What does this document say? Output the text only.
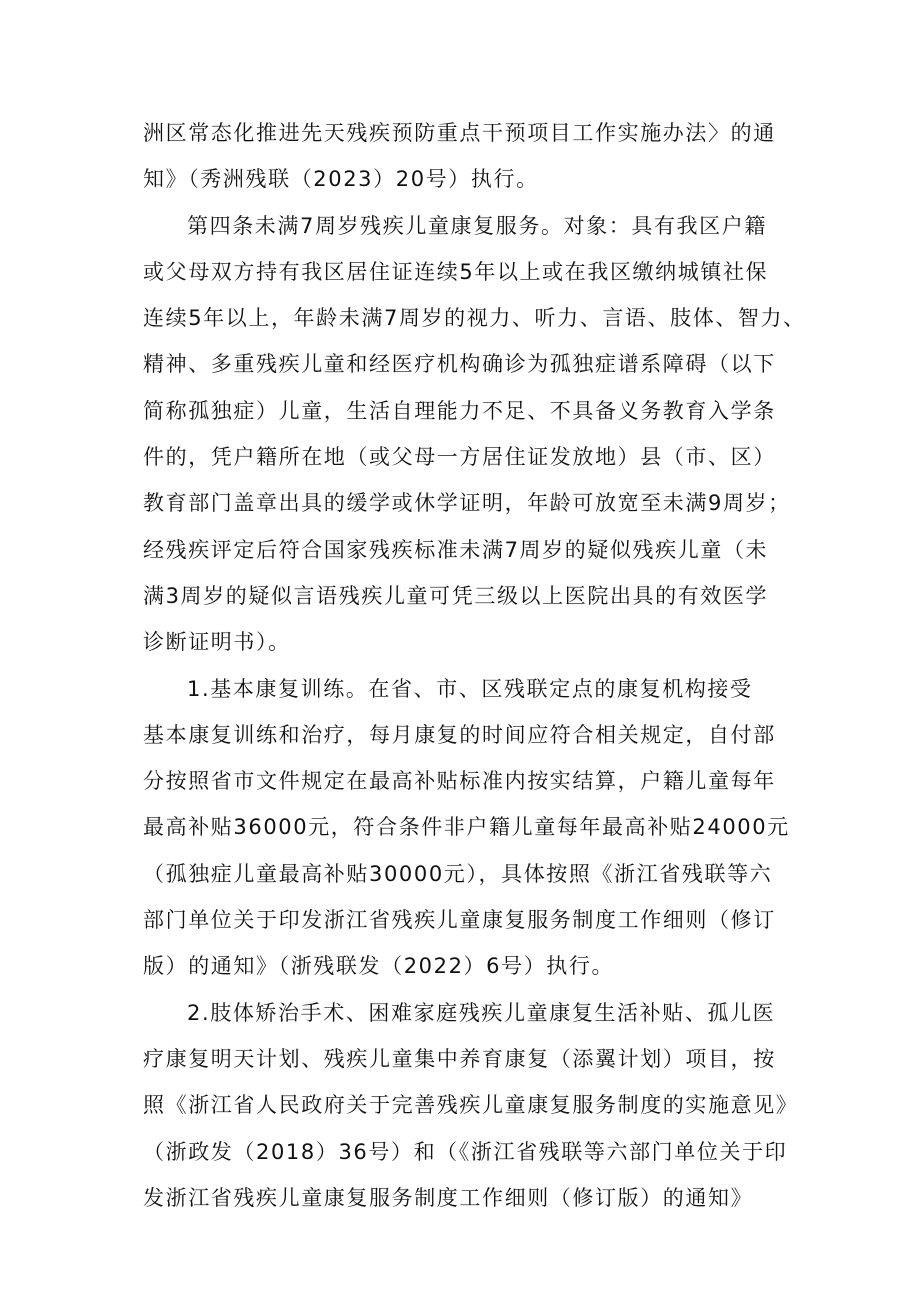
洲区常态化推进先天残疾预防重点干预项目工作实施办法〉的通
知》（秀洲残联（2023）20号）执行。
第四条未满7周岁残疾儿童康复服务。对象：具有我区户籍
或父母双方持有我区居住证连续5年以上或在我区缴纳城镇社保
连续5年以上，年龄未满7周岁的视力、听力、言语、肢体、智力、
精神、多重残疾儿童和经医疗机构确诊为孤独症谱系障碍（以下
简称孤独症）儿童，生活自理能力不足、不具备义务教育入学条
件的，凭户籍所在地（或父母一方居住证发放地）县（市、区）
教育部门盖章出具的缓学或休学证明，年龄可放宽至未满9周岁；
经残疾评定后符合国家残疾标准未满7周岁的疑似残疾儿童（未
满3周岁的疑似言语残疾儿童可凭三级以上医院出具的有效医学
诊断证明书）。
1.基本康复训练。在省、市、区残联定点的康复机构接受
基本康复训练和治疗，每月康复的时间应符合相关规定，自付部
分按照省市文件规定在最高补贴标准内按实结算，户籍儿童每年
最高补贴36000元，符合条件非户籍儿童每年最高补贴24000元
（孤独症儿童最高补贴30000元），具体按照《浙江省残联等六
部门单位关于印发浙江省残疾儿童康复服务制度工作细则（修订
版）的通知》（浙残联发（2022）6号）执行。
2.肢体矫治手术、困难家庭残疾儿童康复生活补贴、孤儿医
疗康复明天计划、残疾儿童集中养育康复（添翼计划）项目，按
照《浙江省人民政府关于完善残疾儿童康复服务制度的实施意见》
（浙政发（2018）36号）和（《浙江省残联等六部门单位关于印
发浙江省残疾儿童康复服务制度工作细则（修订版）的通知》
